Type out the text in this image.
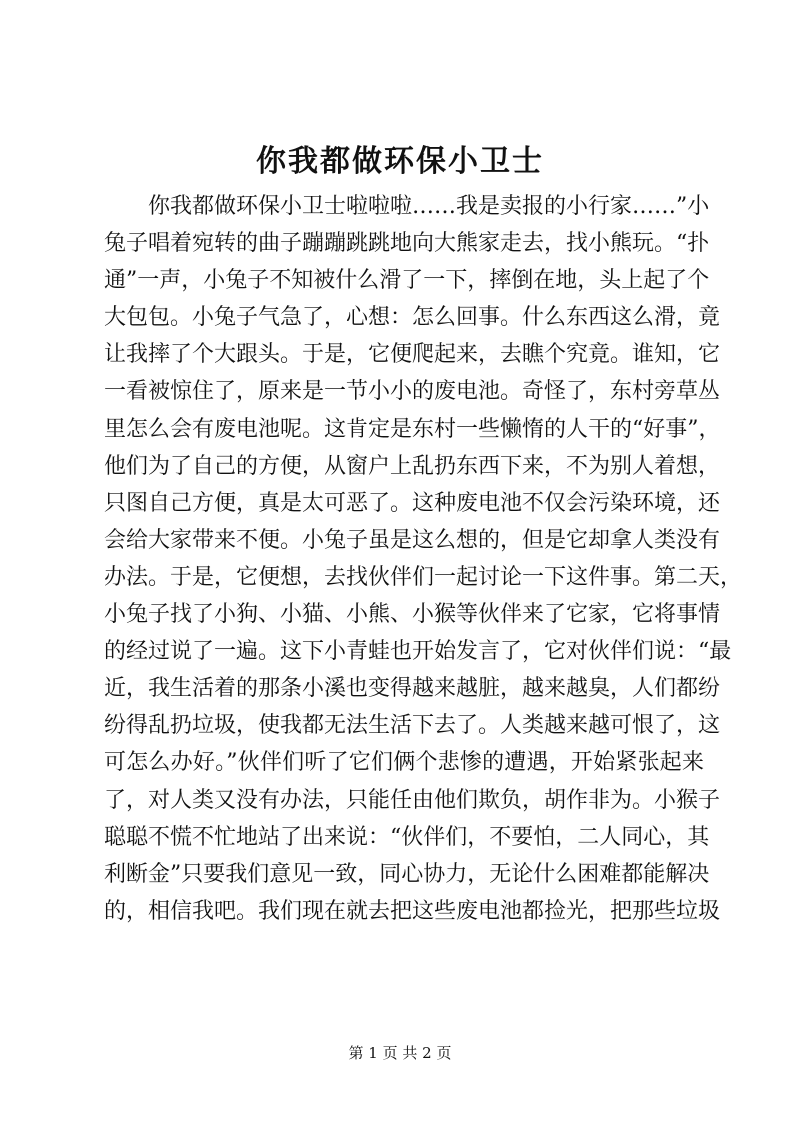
你我都做环保小卫士
你我都做环保小卫士啦啦啦……我是卖报的小行家……”小
兔子唱着宛转的曲子蹦蹦跳跳地向大熊家走去，找小熊玩。“扑
通”一声，小兔子不知被什么滑了一下，摔倒在地，头上起了个
大包包。小兔子气急了，心想：怎么回事。什么东西这么滑，竟
让我摔了个大跟头。于是，它便爬起来，去瞧个究竟。谁知，它
一看被惊住了，原来是一节小小的废电池。奇怪了，东村旁草丛
里怎么会有废电池呢。这肯定是东村一些懒惰的人干的“好事”，
他们为了自己的方便，从窗户上乱扔东西下来，不为别人着想，
只图自己方便，真是太可恶了。这种废电池不仅会污染环境，还
会给大家带来不便。小兔子虽是这么想的，但是它却拿人类没有
办法。于是，它便想，去找伙伴们一起讨论一下这件事。第二天，
小兔子找了小狗、小猫、小熊、小猴等伙伴来了它家，它将事情
的经过说了一遍。这下小青蛙也开始发言了，它对伙伴们说：“最
近，我生活着的那条小溪也变得越来越脏，越来越臭，人们都纷
纷得乱扔垃圾，使我都无法生活下去了。人类越来越可恨了，这
可怎么办好。”伙伴们听了它们俩个悲惨的遭遇，开始紧张起来
了，对人类又没有办法，只能任由他们欺负，胡作非为。小猴子
聪聪不慌不忙地站了出来说：“伙伴们，不要怕，二人同心，其
利断金”只要我们意见一致，同心协力，无论什么困难都能解决
的，相信我吧。我们现在就去把这些废电池都捡光，把那些垃圾
第 1 页 共 2 页
